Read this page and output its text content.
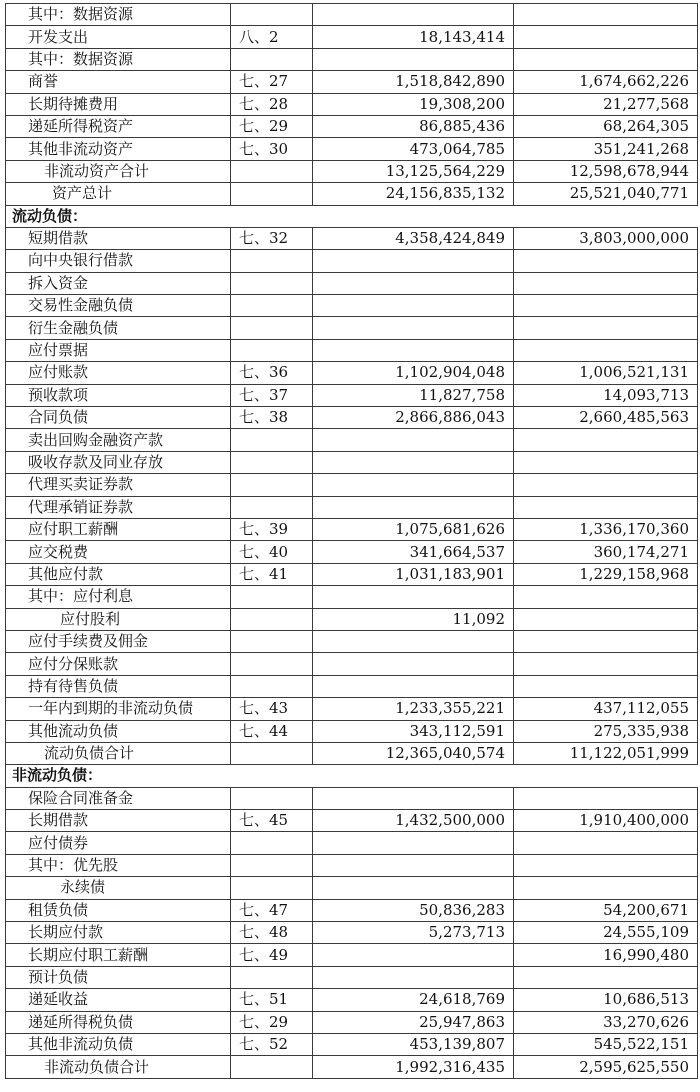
其中：数据资源			
开发支出	八、2	18,143,414	
其中：数据资源			
商誉	七、27	1,518,842,890	1,674,662,226
长期待摊费用	七、28	19,308,200	21,277,568
递延所得税资产	七、29	86,885,436	68,264,305
其他非流动资产	七、30	473,064,785	351,241,268
非流动资产合计		13,125,564,229	12,598,678,944
资产总计		24,156,835,132	25,521,040,771
流动负债：			
短期借款	七、32	4,358,424,849	3,803,000,000
向中央银行借款			
拆入资金			
交易性金融负债			
衍生金融负债			
应付票据			
应付账款	七、36	1,102,904,048	1,006,521,131
预收款项	七、37	11,827,758	14,093,713
合同负债	七、38	2,866,886,043	2,660,485,563
卖出回购金融资产款			
吸收存款及同业存放			
代理买卖证券款			
代理承销证券款			
应付职工薪酬	七、39	1,075,681,626	1,336,170,360
应交税费	七、40	341,664,537	360,174,271
其他应付款	七、41	1,031,183,901	1,229,158,968
其中：应付利息			
应付股利		11,092	
应付手续费及佣金			
应付分保账款			
持有待售负债			
一年内到期的非流动负债	七、43	1,233,355,221	437,112,055
其他流动负债	七、44	343,112,591	275,335,938
流动负债合计		12,365,040,574	11,122,051,999
非流动负债：			
保险合同准备金			
长期借款	七、45	1,432,500,000	1,910,400,000
应付债券			
其中：优先股			
永续债			
租赁负债	七、47	50,836,283	54,200,671
长期应付款	七、48	5,273,713	24,555,109
长期应付职工薪酬	七、49		16,990,480
预计负债			
递延收益	七、51	24,618,769	10,686,513
递延所得税负债	七、29	25,947,863	33,270,626
其他非流动负债	七、52	453,139,807	545,522,151
非流动负债合计		1,992,316,435	2,595,625,550
